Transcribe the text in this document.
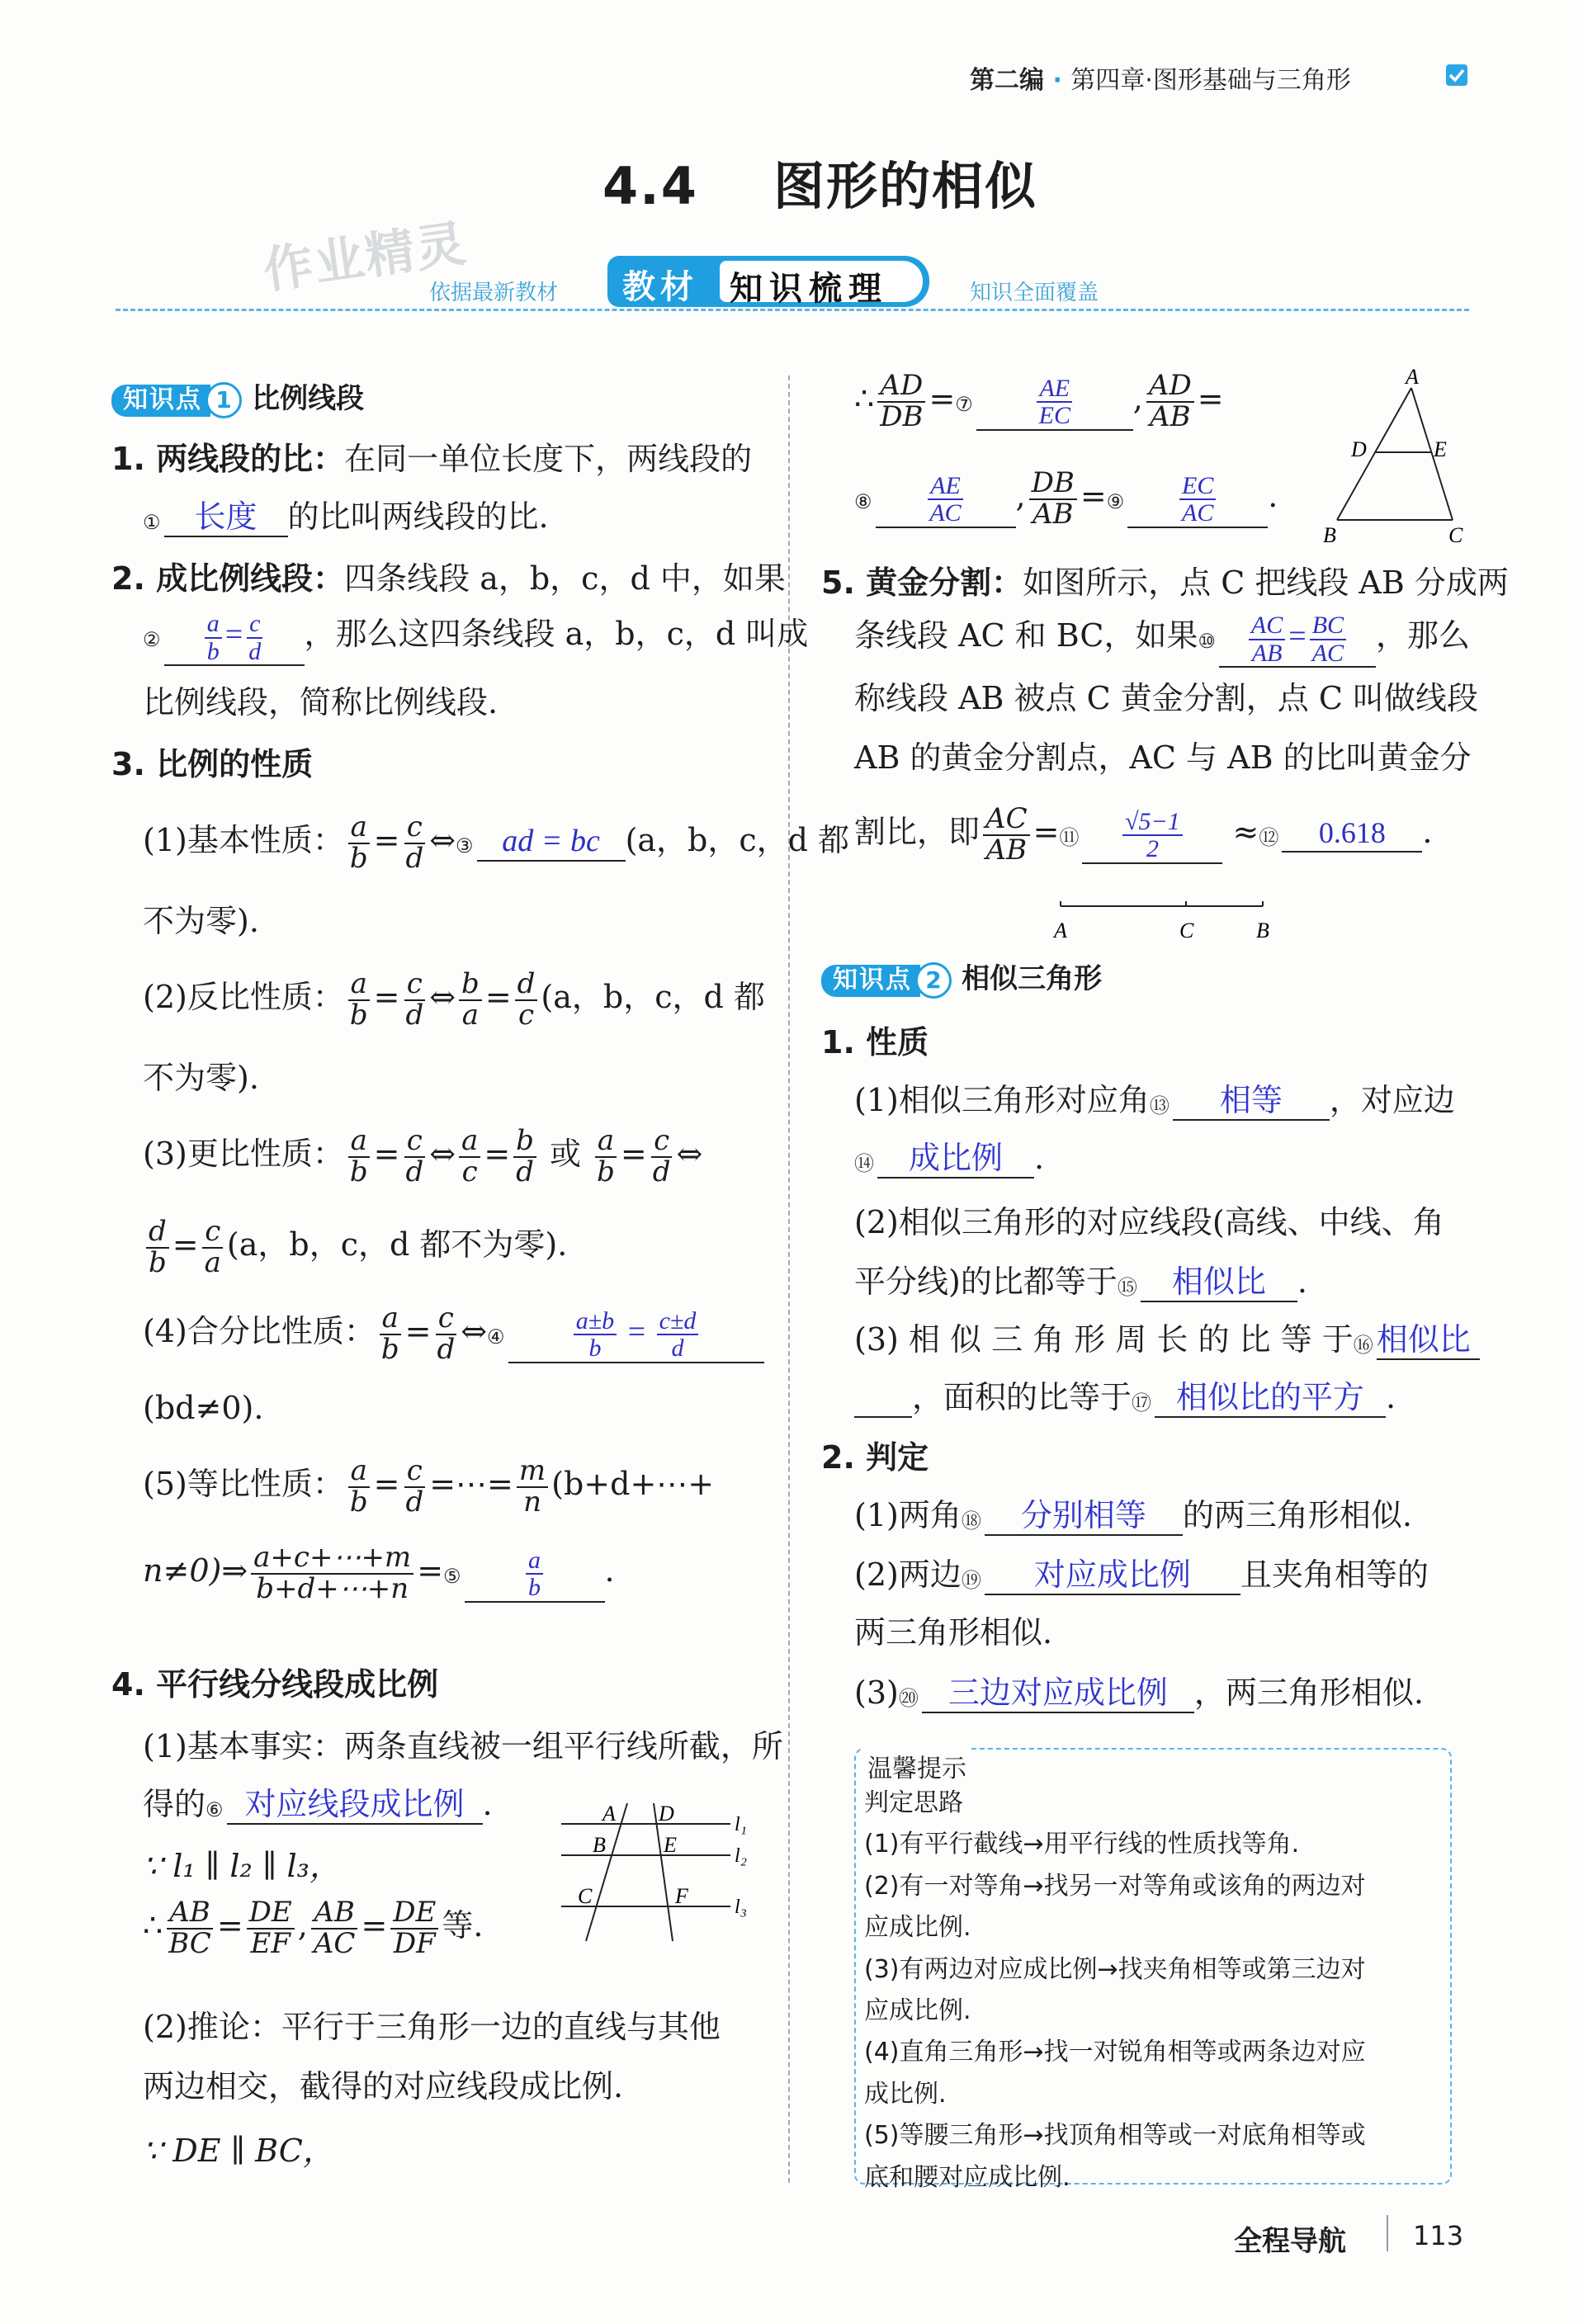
第二编 · 第四章·图形基础与三角形
4.4 图形的相似
作业精灵
依据最新教材 教材 知识梳理	知识全面覆盖
知识点 1 比例线段
1. 两线段的比：在同一单位长度下，两线段的
① 长度 的比叫两线段的比.
2. 成比例线段：四条线段 a，b，c，d 中，如果
② $\frac{a}{b} = \frac{c}{d}$ ，那么这四条线段 a，b，c，d 叫成
比例线段，简称比例线段.
3. 比例的性质
(1)基本性质： $\frac{a}{b} = \frac{c}{d}$ ⇔③ ad = bc (a，b，c，d 都
不为零).
(2)反比性质： $\frac{a}{b} = \frac{c}{d}$ ⇔ $\frac{b}{a} = \frac{d}{c} (a$，b，c，d 都
不为零).
(3)更比性质： $\frac{a}{b} = \frac{c}{d}$ ⇔ $\frac{a}{c} = \frac{b}{d}$ 或 $\frac{a}{b} = \frac{c}{d}$ ⇔
$\frac{d}{b} = \frac{c}{a} (a$，b，c，d 都不为零).
(4)合分比性质： $\frac{a}{b} = \frac{c}{d}$ ⇔④	$\frac{a\pm b}{b} = \frac{c\pm d}{d}$
(bd≠0).
(5)等比性质： $\frac{a}{b} = \frac{c}{d}$ =⋯= $\frac{m}{n}$ (b+d+⋯+
n≠0)⇒ $\frac{a+c+\cdots+m}{b+d+\cdots+n}$ =⑤	$\frac{a}{b}$ .
4. 平行线分线段成比例
(1)基本事实：两条直线被一组平行线所截，所
得的⑥ 对应线段成比例 .
∵ l₁ ∥ l₂ ∥ l₃，
∴ $\frac{AB}{BC} = \frac{DE}{EF}$ , $\frac{AB}{AC} = \frac{DE}{DF}$ 等.
(2)推论：平行于三角形一边的直线与其他
两边相交，截得的对应线段成比例.
∵ DE ∥ BC，
A
B
C
D
E
F
l₁
l₂
l₃
∴ $\frac{AD}{DB}$ =⑦	$\frac{AE}{EC}$ , $\frac{AD}{AB}$ =
⑧ $\frac{AE}{AC}$ , $\frac{DB}{AB}$ =⑨ $\frac{EC}{AC}$ .
A
D	E
B	C
5. 黄金分割：如图所示，点 C 把线段 AB 分成两
条线段 AC 和 BC，如果⑩ $\frac{AC}{AB} = \frac{BC}{AC}$ ，那么
称线段 AB 被点 C 黄金分割，点 C 叫做线段
AB 的黄金分割点，AC 与 AB 的比叫黄金分
割比，即 $\frac{AC}{AB}$ =⑪ $\frac{√5-1}{2}$ ≈⑫ 0.618 .
A	C	B
知识点 2 相似三角形
1. 性质
(1)相似三角形对应角⑬ 相等 ，对应边
⑭ 成比例 .
(2)相似三角形的对应线段(高线、中线、角
平分线)的比都等于⑮ 相似比 .
(3) 相 似 三 角 形 周 长 的 比 等 于⑯ 相似比
，面积的比等于⑰ 相似比的平方 .
2. 判定
(1)两角⑱ 分别相等 的两三角形相似.
(2)两边⑲ 对应成比例 且夹角相等的
两三角形相似.
(3)⑳ 三边对应成比例 ，两三角形相似.
温馨提示
判定思路
(1)有平行截线→用平行线的性质找等角.
(2)有一对等角→找另一对等角或该角的两边对
应成比例.
(3)有两边对应成比例→找夹角相等或第三边对
应成比例.
(4)直角三角形→找一对锐角相等或两条边对应
成比例.
(5)等腰三角形→找顶角相等或一对底角相等或
底和腰对应成比例.
全程导航	113
